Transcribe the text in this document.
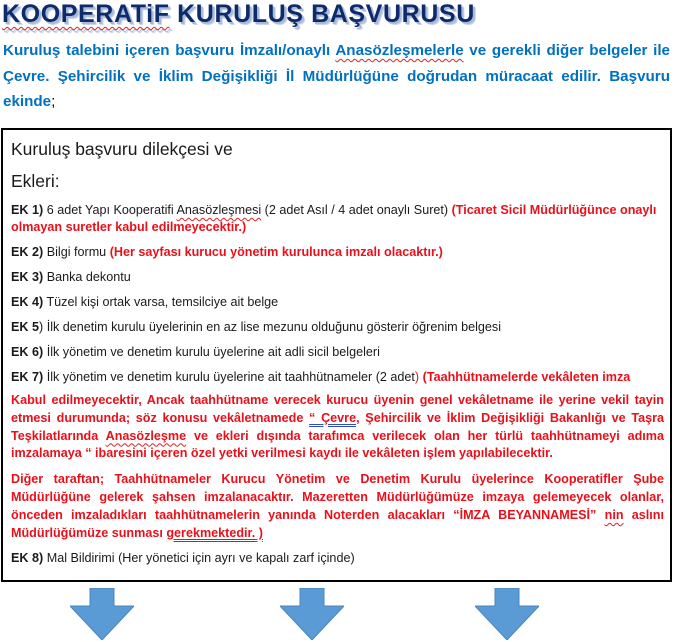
KOOPERATiF KURULUŞ BAŞVURUSU
Kuruluş talebini içeren başvuru İmzalı/onaylı Anasözleşmelerle ve gerekli diğer belgeler ile Çevre. Şehircilik ve İklim Değişikliği İl Müdürlüğüne doğrudan müracaat edilir. Başvuru ekinde;

Kuruluş başvuru dilekçesi ve

Ekleri:

EK 1) 6 adet Yapı Kooperatifi Anasözleşmesi (2 adet Asıl / 4 adet onaylı Suret) (Ticaret Sicil Müdürlüğünce onaylı olmayan suretler kabul edilmeyecektir.)

EK 2) Bilgi formu (Her sayfası kurucu yönetim kurulunca imzalı olacaktır.)

EK 3) Banka dekontu

EK 4) Tüzel kişi ortak varsa, temsilciye ait belge

EK 5) İlk denetim kurulu üyelerinin en az lise mezunu olduğunu gösterir öğrenim belgesi

EK 6) İlk yönetim ve denetim kurulu üyelerine ait adli sicil belgeleri

EK 7) İlk yönetim ve denetim kurulu üyelerine ait taahhütnameler (2 adet) (Taahhütnamelerde vekâleten imza

Kabul edilmeyecektir, Ancak taahhütname verecek kurucu üyenin genel vekâletname ile yerine vekil tayin etmesi durumunda; söz konusu vekâletnamede “ Çevre, Şehircilik ve İklim Değişikliği Bakanlığı ve Taşra Teşkilatlarında Anasözleşme ve ekleri dışında tarafımca verilecek olan her türlü taahhütnameyi adıma imzalamaya “ ibaresini içeren özel yetki verilmesi kaydı ile vekâleten işlem yapılabilecektir.

Diğer taraftan; Taahhütnameler Kurucu Yönetim ve Denetim Kurulu üyelerince Kooperatifler Şube Müdürlüğüne gelerek şahsen imzalanacaktır. Mazeretten Müdürlüğümüze imzaya gelemeyecek olanlar, önceden imzaladıkları taahhütnamelerin yanında Noterden alacakları “İMZA BEYANNAMESİ” nin aslını Müdürlüğümüze sunması gerekmektedir. )

EK 8) Mal Bildirimi (Her yönetici için ayrı ve kapalı zarf içinde)
